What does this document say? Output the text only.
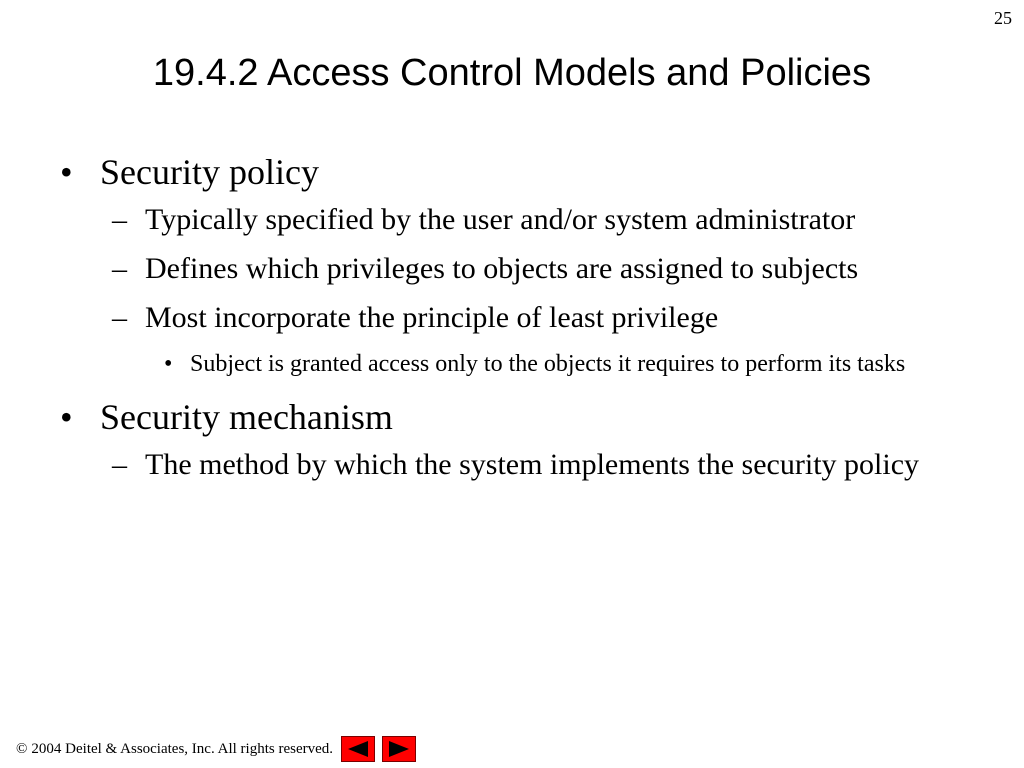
25
19.4.2 Access Control Models and Policies
• Security policy
– Typically specified by the user and/or system administrator
– Defines which privileges to objects are assigned to subjects
– Most incorporate the principle of least privilege
• Subject is granted access only to the objects it requires to perform its tasks
• Security mechanism
– The method by which the system implements the security policy
© 2004 Deitel & Associates, Inc. All rights reserved.
